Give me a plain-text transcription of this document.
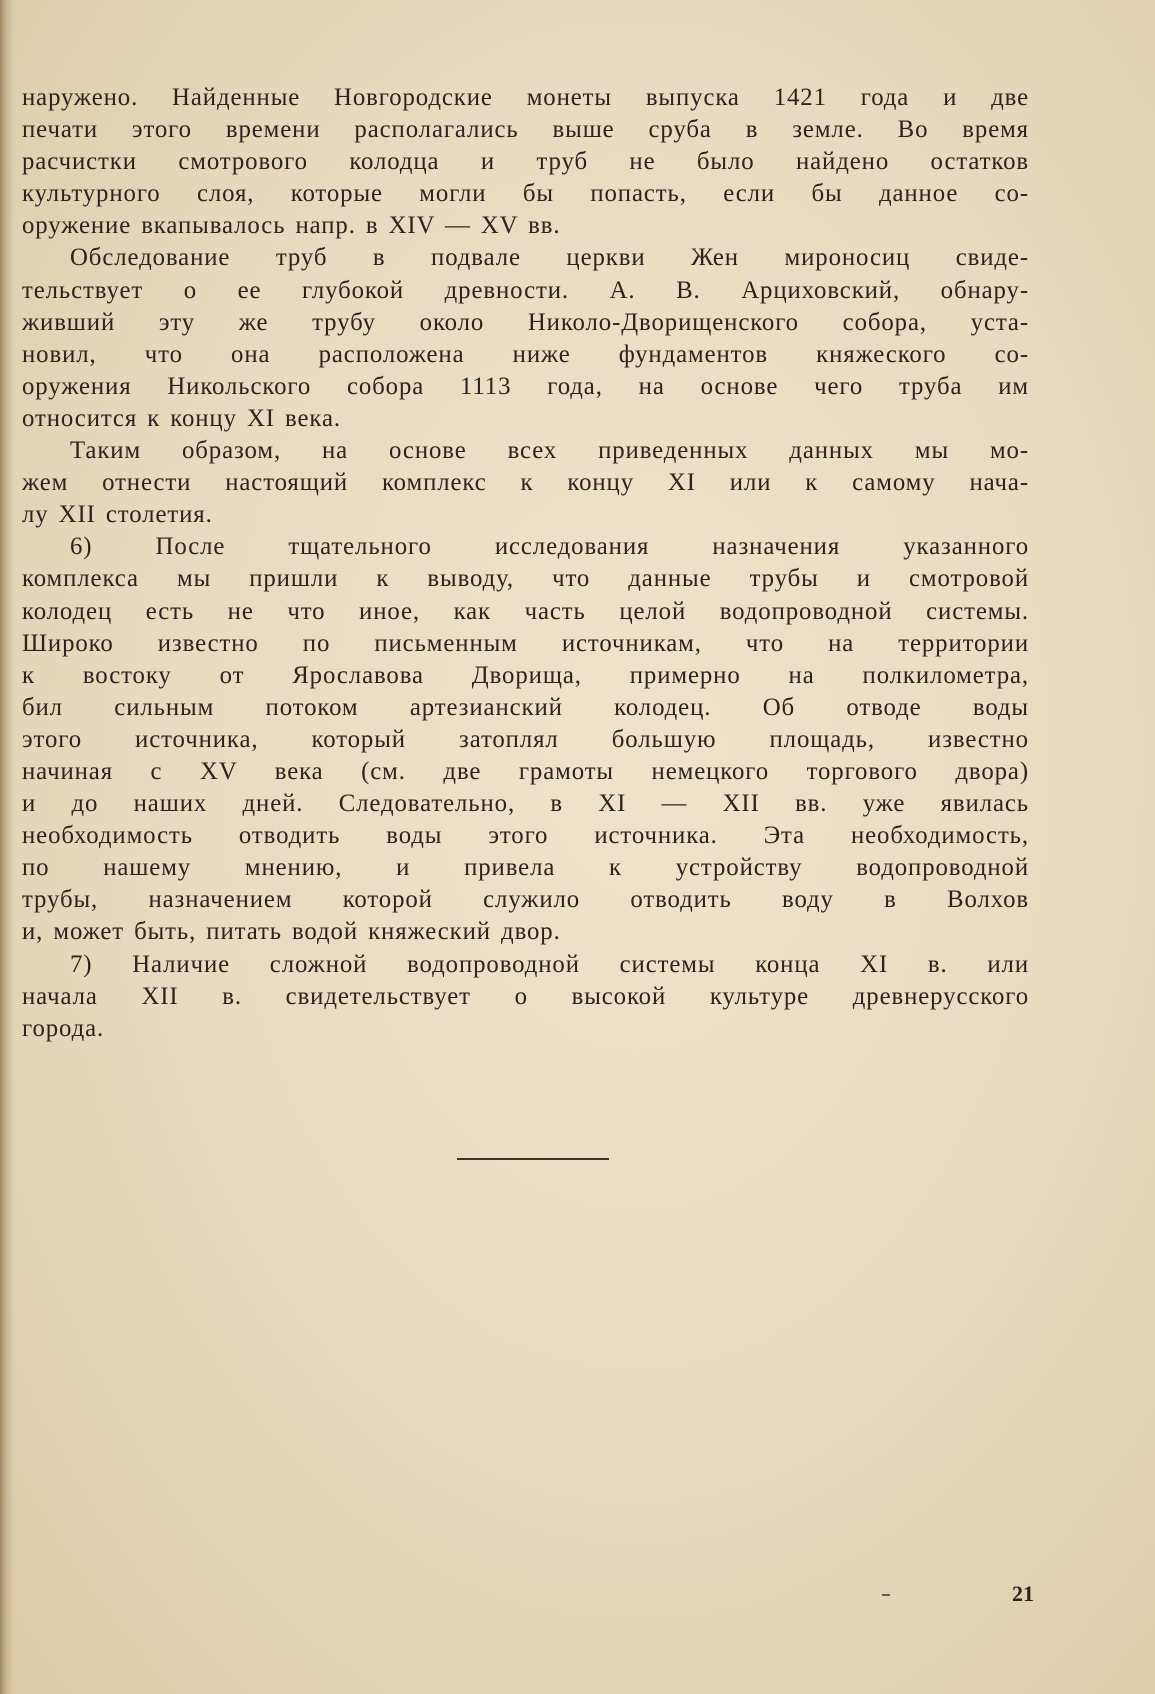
наружено. Найденные Новгородские монеты выпуска 1421 года и две
печати этого времени располагались выше сруба в земле. Во время
расчистки смотрового колодца и труб не было найдено остатков
культурного слоя, которые могли бы попасть, если бы данное со-
оружение вкапывалось напр. в XIV — XV вв.
Обследование труб в подвале церкви Жен мироносиц свиде-
тельствует о ее глубокой древности. А. В. Арциховский, обнару-
живший эту же трубу около Николо-Дворищенского собора, уста-
новил, что она расположена ниже фундаментов княжеского со-
оружения Никольского собора 1113 года, на основе чего труба им
относится к концу XI века.
Таким образом, на основе всех приведенных данных мы мо-
жем отнести настоящий комплекс к концу XI или к самому нача-
лу XII столетия.
6) После тщательного исследования назначения указанного
комплекса мы пришли к выводу, что данные трубы и смотровой
колодец есть не что иное, как часть целой водопроводной системы.
Широко известно по письменным источникам, что на территории
к востоку от Ярославова Дворища, примерно на полкилометра,
бил сильным потоком артезианский колодец. Об отводе воды
этого источника, который затоплял большую площадь, известно
начиная с XV века (см. две грамоты немецкого торгового двора)
и до наших дней. Следовательно, в XI — XII вв. уже явилась
необходимость отводить воды этого источника. Эта необходимость,
по нашему мнению, и привела к устройству водопроводной
трубы, назначением которой служило отводить воду в Волхов
и, может быть, питать водой княжеский двор.
7) Наличие сложной водопроводной системы конца XI в. или
начала XII в. свидетельствует о высокой культуре древнерусского
города.
21
